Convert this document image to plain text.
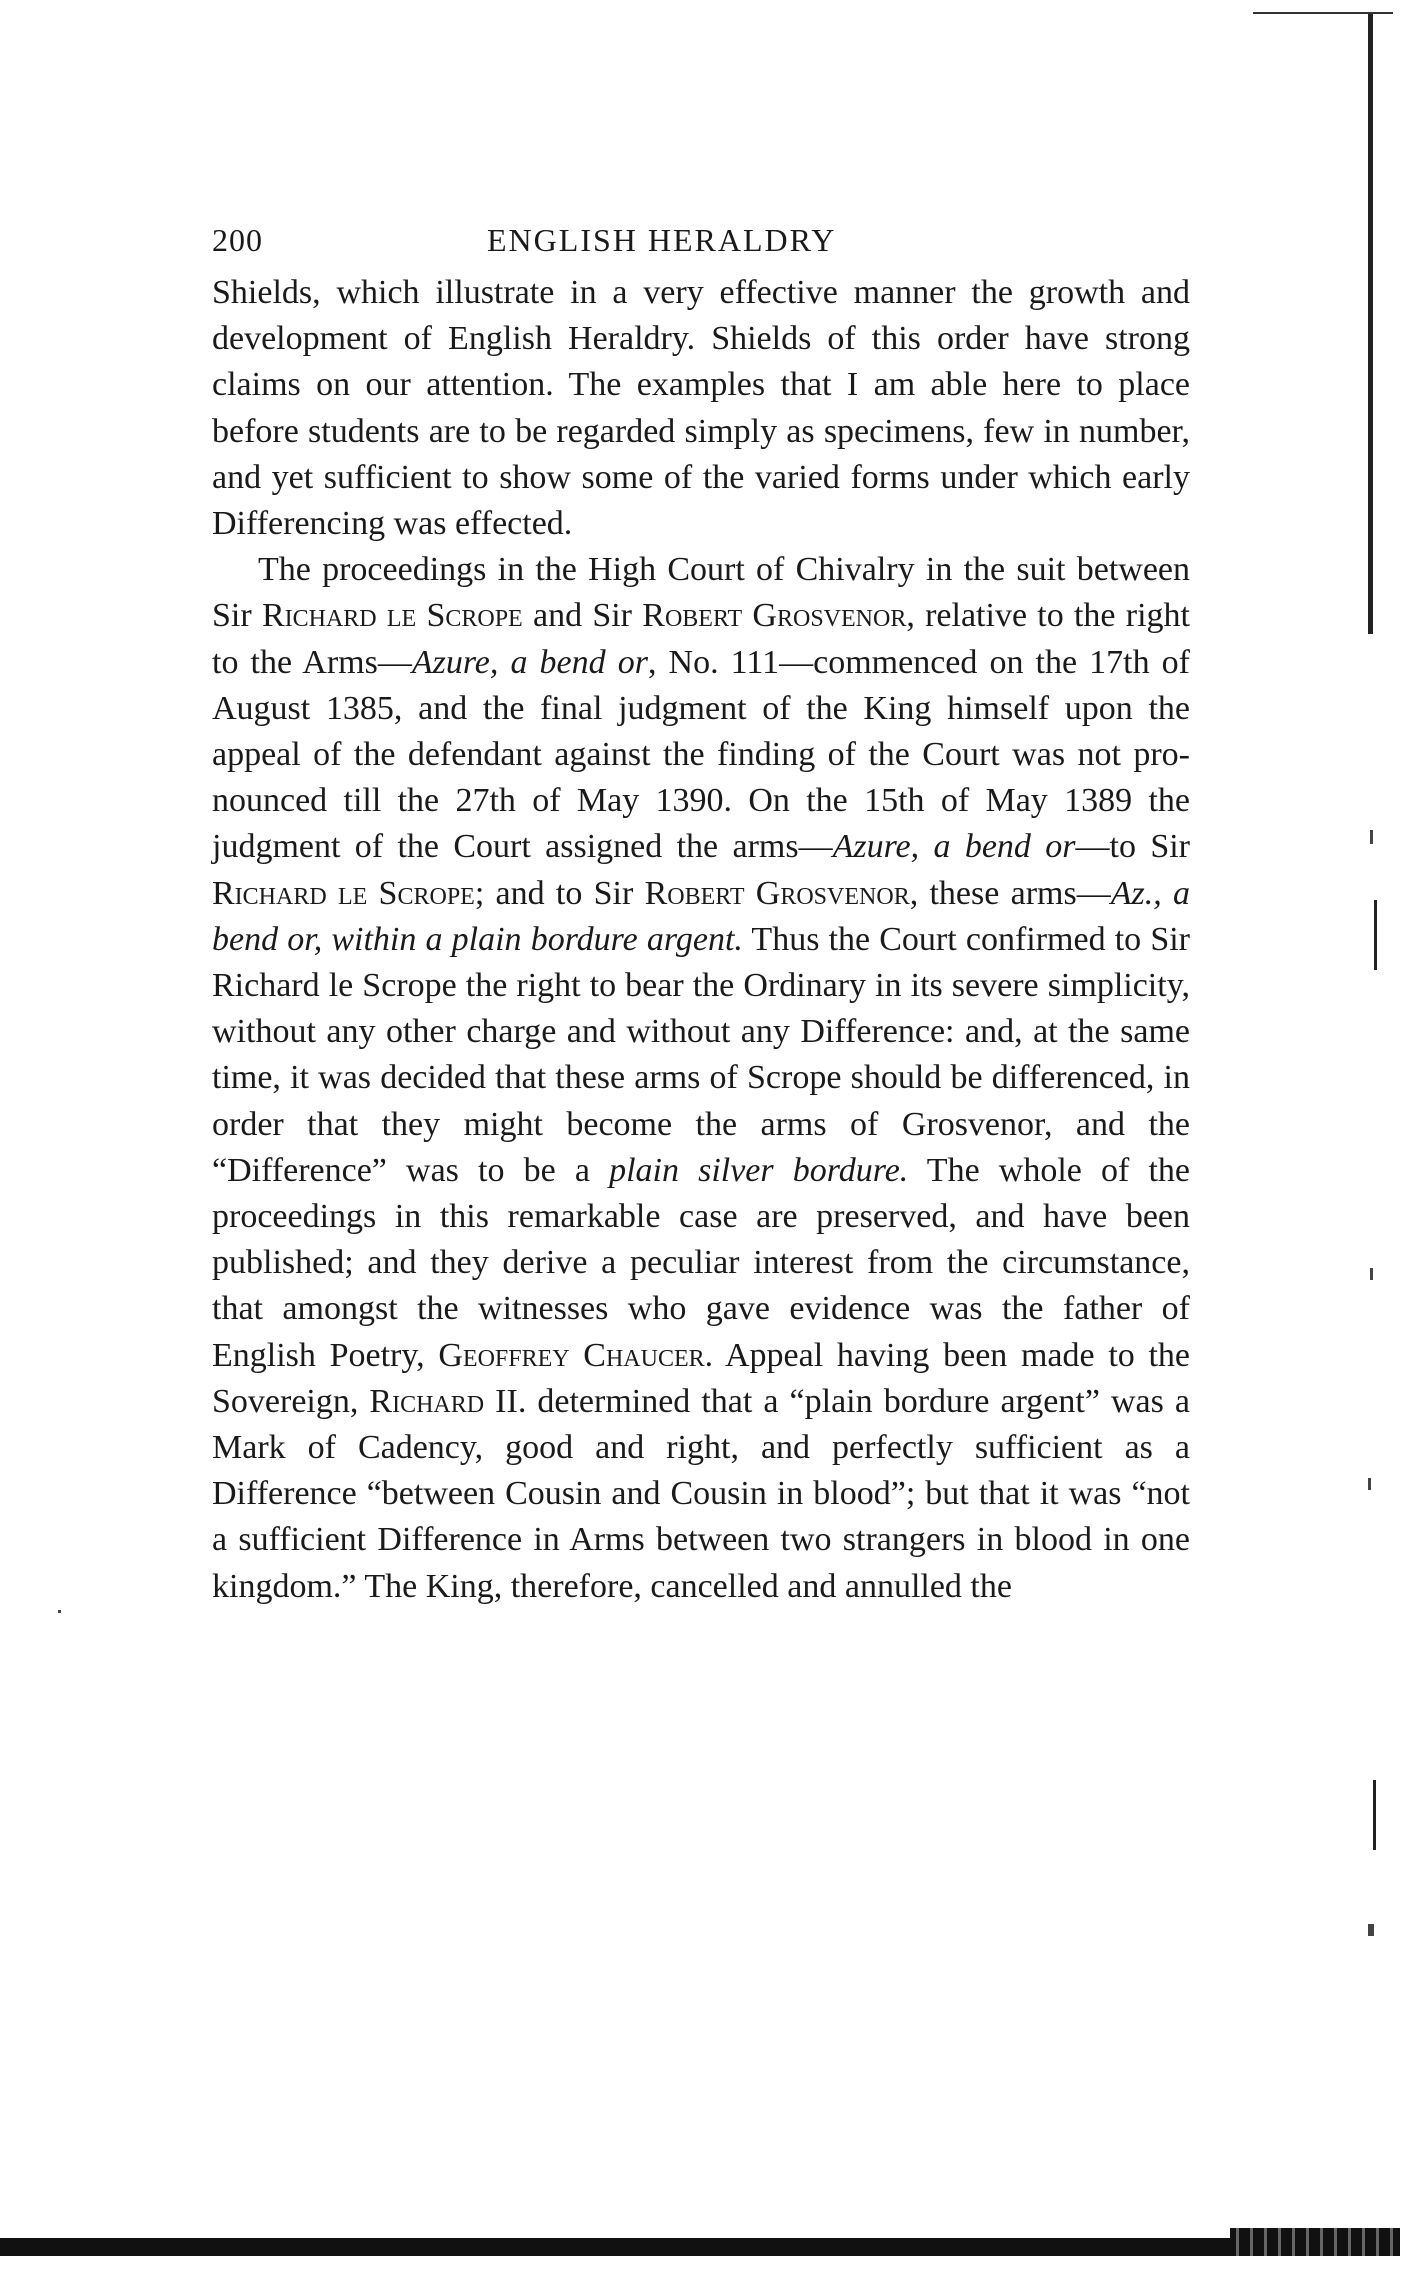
200	ENGLISH HERALDRY

Shields, which illustrate in a very effective manner the growth and development of English Heraldry. Shields of this order have strong claims on our attention. The examples that I am able here to place before students are to be regarded simply as specimens, few in number, and yet sufficient to show some of the varied forms under which early Differencing was effected.

The proceedings in the High Court of Chivalry in the suit between Sir Richard le Scrope and Sir Robert Grosvenor, relative to the right to the Arms—Azure, a bend or, No. 111—commenced on the 17th of August 1385, and the final judgment of the King himself upon the appeal of the defendant against the finding of the Court was not pronounced till the 27th of May 1390. On the 15th of May 1389 the judgment of the Court assigned the arms—Azure, a bend or—to Sir Richard le Scrope; and to Sir Robert Grosvenor, these arms—Az., a bend or, within a plain bordure argent. Thus the Court confirmed to Sir Richard le Scrope the right to bear the Ordinary in its severe simplicity, without any other charge and without any Difference: and, at the same time, it was decided that these arms of Scrope should be differenced, in order that they might become the arms of Grosvenor, and the “Difference” was to be a plain silver bordure. The whole of the proceedings in this remarkable case are preserved, and have been published; and they derive a peculiar interest from the circumstance, that amongst the witnesses who gave evidence was the father of English Poetry, Geoffrey Chaucer. Appeal having been made to the Sovereign, Richard II. determined that a “plain bordure argent” was a Mark of Cadency, good and right, and perfectly sufficient as a Difference “between Cousin and Cousin in blood”; but that it was “not a sufficient Difference in Arms between two strangers in blood in one kingdom.” The King, therefore, cancelled and annulled the
